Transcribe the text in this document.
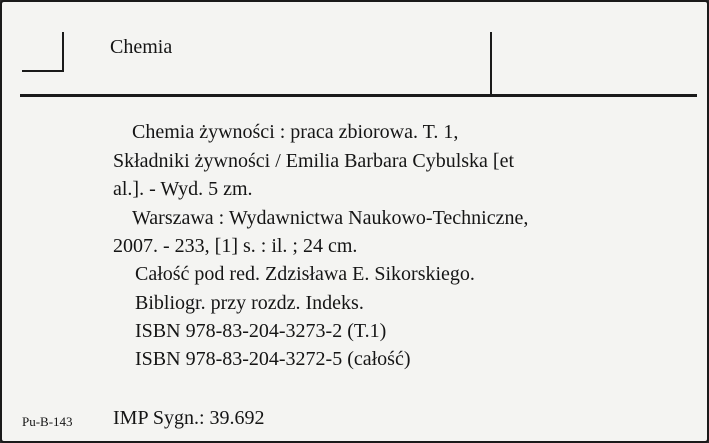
Chemia
Chemia żywności : praca zbiorowa. T. 1,
Składniki żywności / Emilia Barbara Cybulska [et
al.]. - Wyd. 5 zm.
Warszawa : Wydawnictwa Naukowo-Techniczne,
2007. - 233, [1] s. : il. ; 24 cm.
Całość pod red. Zdzisława E. Sikorskiego.
Bibliogr. przy rozdz. Indeks.
ISBN 978-83-204-3273-2 (T.1)
ISBN 978-83-204-3272-5 (całość)
Pu-B-143 IMP Sygn.: 39.692
